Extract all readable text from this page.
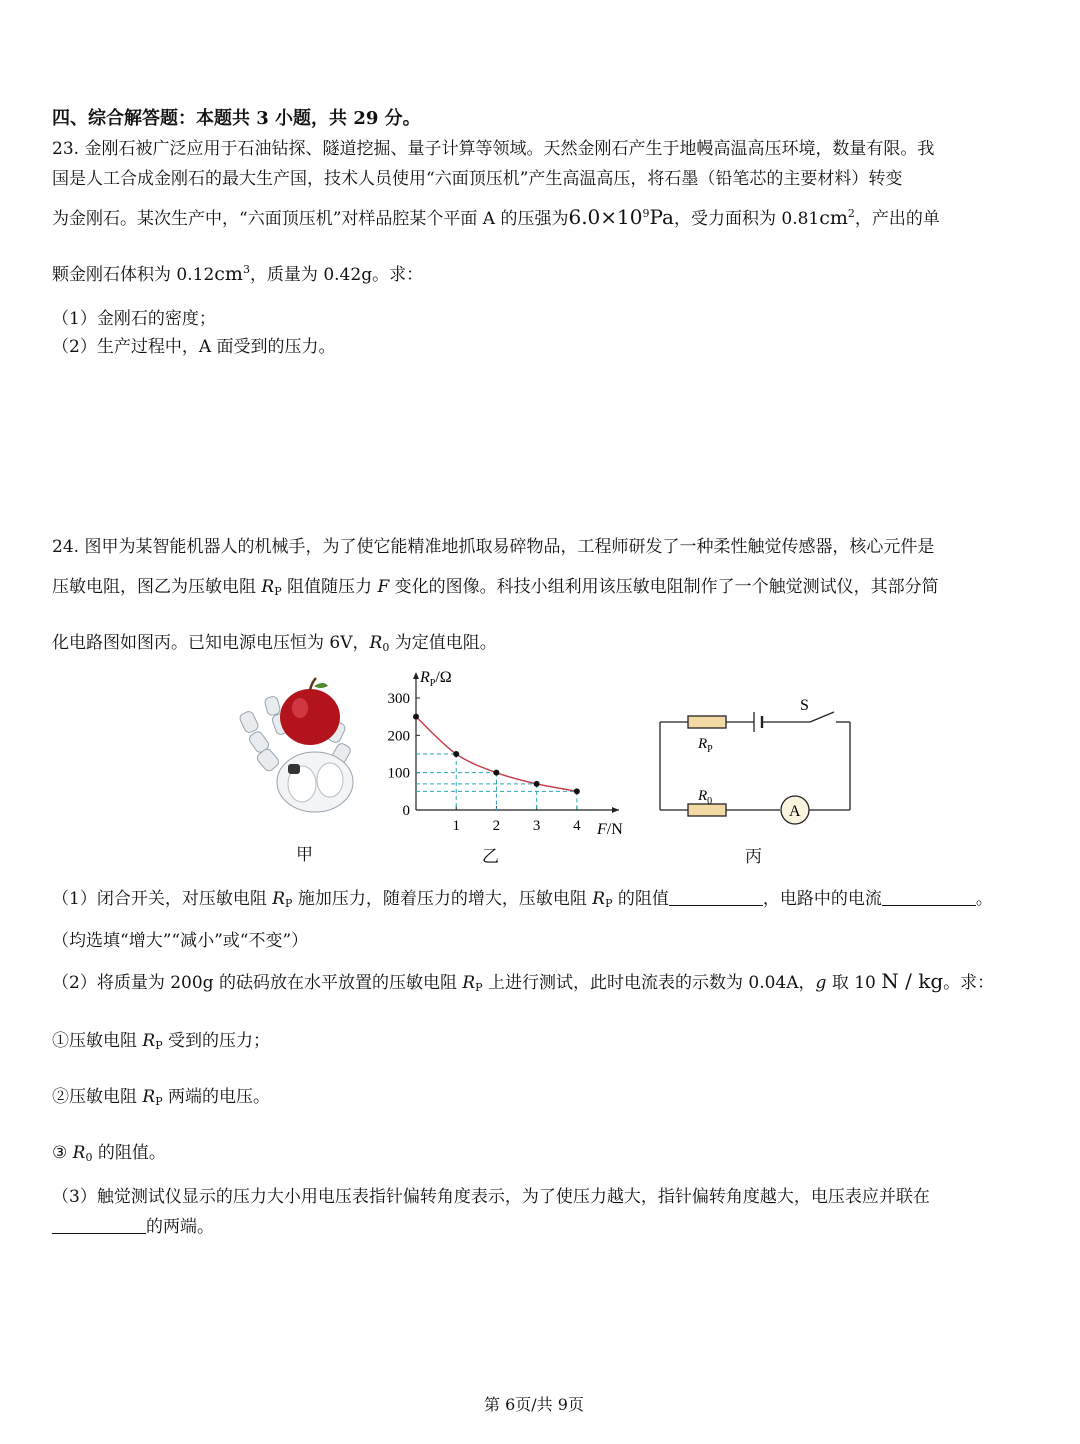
四、综合解答题：本题共 3 小题，共 29 分。
23. 金刚石被广泛应用于石油钻探、隧道挖掘、量子计算等领域。天然金刚石产生于地幔高温高压环境，数量有限。我
国是人工合成金刚石的最大生产国，技术人员使用“六面顶压机”产生高温高压，将石墨（铅笔芯的主要材料）转变
为金刚石。某次生产中，“六面顶压机”对样品腔某个平面 A 的压强为$6.0\times 10^9Pa$，受力面积为 $0.81cm^2$，产出的单
颗金刚石体积为 $0.12cm^3$，质量为 0.42g。求：
（1）金刚石的密度；
（2）生产过程中，A 面受到的压力。
24. 图甲为某智能机器人的机械手，为了使它能精准地抓取易碎物品，工程师研发了一种柔性触觉传感器，核心元件是
压敏电阻，图乙为压敏电阻 $R_P$ 阻值随压力 F 变化的图像。科技小组利用该压敏电阻制作了一个触觉测试仪，其部分简
化电路图如图丙。已知电源电压恒为 6V，$R_0$ 为定值电阻。
甲
0
100
200
300
1 2 3 4
$R_P/\Omega$
F/N
乙
S
A
$R_P$
$R_0$
丙
（1）闭合开关，对压敏电阻 $R_P$ 施加压力，随着压力的增大，压敏电阻 $R_P$ 的阻值	，电路中的电流	。
（均选填“增大”“减小”或“不变”）
（2）将质量为 200g 的砝码放在水平放置的压敏电阻 $R_P$ 上进行测试，此时电流表的示数为 0.04A，g 取 10 N / kg。求：
①压敏电阻 $R_P$ 受到的压力；
②压敏电阻 $R_P$ 两端的电压。
③ $R_0$ 的阻值。
（3）触觉测试仪显示的压力大小用电压表指针偏转角度表示，为了使压力越大，指针偏转角度越大，电压表应并联在
的两端。
第 6页/共 9页
